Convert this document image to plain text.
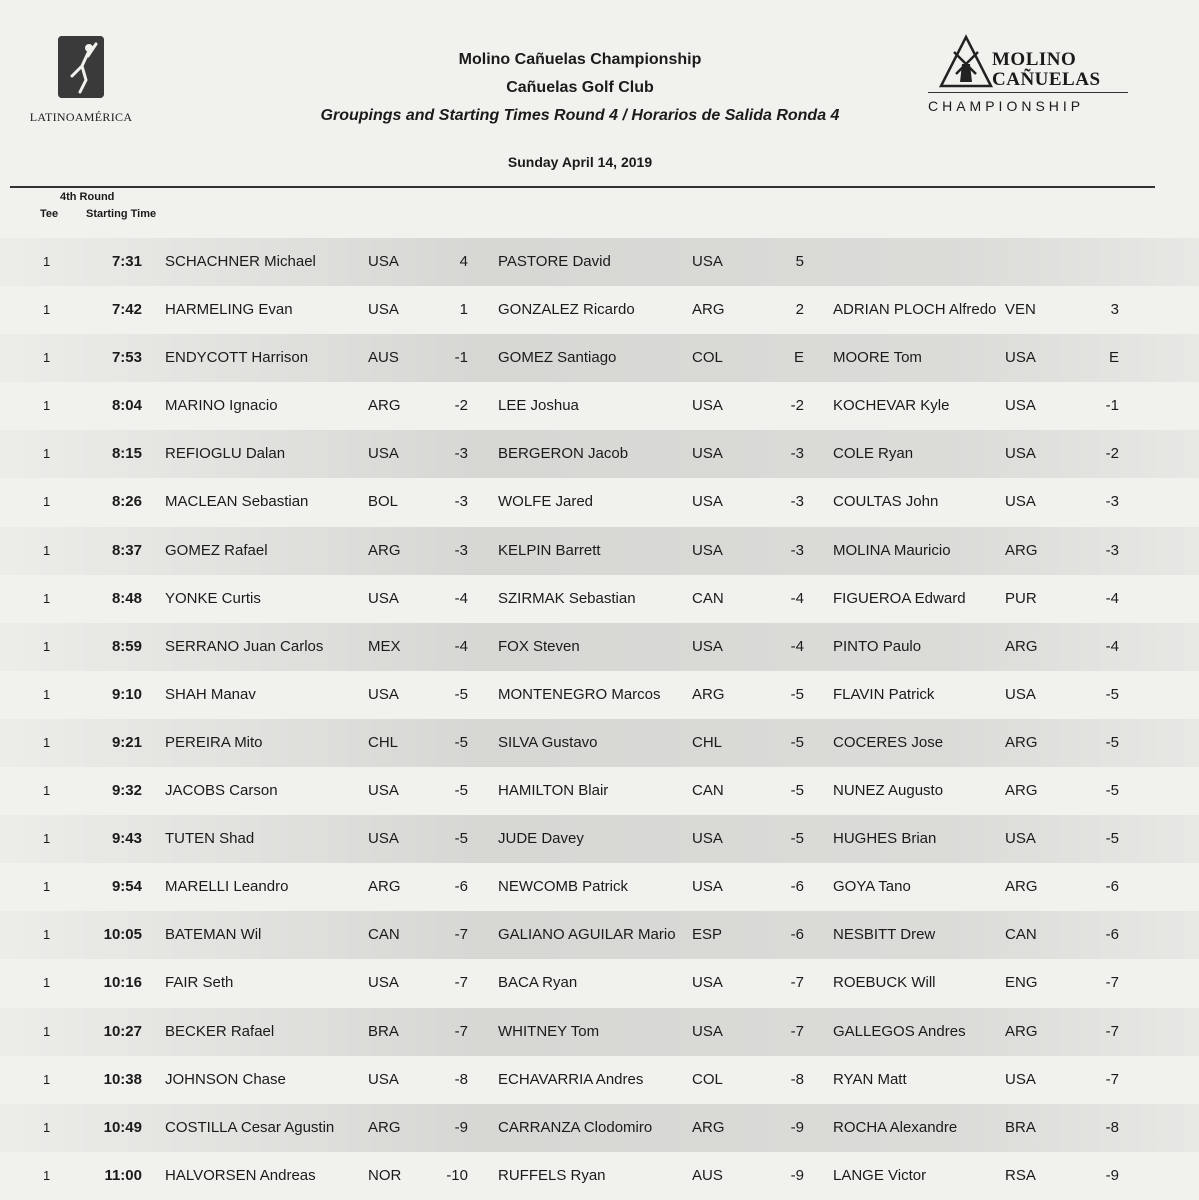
LATINOAMÉRICA
Molino Cañuelas Championship
Cañuelas Golf Club
Groupings and Starting Times Round 4 / Horarios de Salida Ronda 4
Sunday April 14, 2019
MOLINO
CAÑUELAS
CHAMPIONSHIP
4th Round
Tee	Starting Time
1	7:31 SCHACHNER Michael	USA	4 PASTORE David	USA	5
1	7:42 HARMELING Evan	USA	1 GONZALEZ Ricardo	ARG	2 ADRIAN PLOCH Alfredo VEN	3
1	7:53 ENDYCOTT Harrison	AUS	-1 GOMEZ Santiago	COL	E MOORE Tom	USA	E
1	8:04 MARINO Ignacio	ARG	-2 LEE Joshua	USA	-2 KOCHEVAR Kyle	USA	-1
1	8:15 REFIOGLU Dalan	USA	-3 BERGERON Jacob	USA	-3 COLE Ryan	USA	-2
1	8:26 MACLEAN Sebastian	BOL	-3 WOLFE Jared	USA	-3 COULTAS John	USA	-3
1	8:37 GOMEZ Rafael	ARG	-3 KELPIN Barrett	USA	-3 MOLINA Mauricio	ARG	-3
1	8:48 YONKE Curtis	USA	-4 SZIRMAK Sebastian	CAN	-4 FIGUEROA Edward	PUR	-4
1	8:59 SERRANO Juan Carlos	MEX	-4 FOX Steven	USA	-4 PINTO Paulo	ARG	-4
1	9:10 SHAH Manav	USA	-5 MONTENEGRO Marcos ARG	-5 FLAVIN Patrick	USA	-5
1	9:21 PEREIRA Mito	CHL	-5 SILVA Gustavo	CHL	-5 COCERES Jose	ARG	-5
1	9:32 JACOBS Carson	USA	-5 HAMILTON Blair	CAN	-5 NUNEZ Augusto	ARG	-5
1	9:43 TUTEN Shad	USA	-5 JUDE Davey	USA	-5 HUGHES Brian	USA	-5
1	9:54 MARELLI Leandro	ARG	-6 NEWCOMB Patrick	USA	-6 GOYA Tano	ARG	-6
1	10:05 BATEMAN Wil	CAN	-7 GALIANO AGUILAR Mario ESP	-6 NESBITT Drew	CAN	-6
1	10:16 FAIR Seth	USA	-7 BACA Ryan	USA	-7 ROEBUCK Will	ENG	-7
1	10:27 BECKER Rafael	BRA	-7 WHITNEY Tom	USA	-7 GALLEGOS Andres	ARG	-7
1	10:38 JOHNSON Chase	USA	-8 ECHAVARRIA Andres	COL	-8 RYAN Matt	USA	-7
1	10:49 COSTILLA Cesar Agustin ARG	-9 CARRANZA Clodomiro	ARG	-9 ROCHA Alexandre	BRA	-8
1	11:00 HALVORSEN Andreas	NOR	-10 RUFFELS Ryan	AUS	-9 LANGE Victor	RSA	-9
